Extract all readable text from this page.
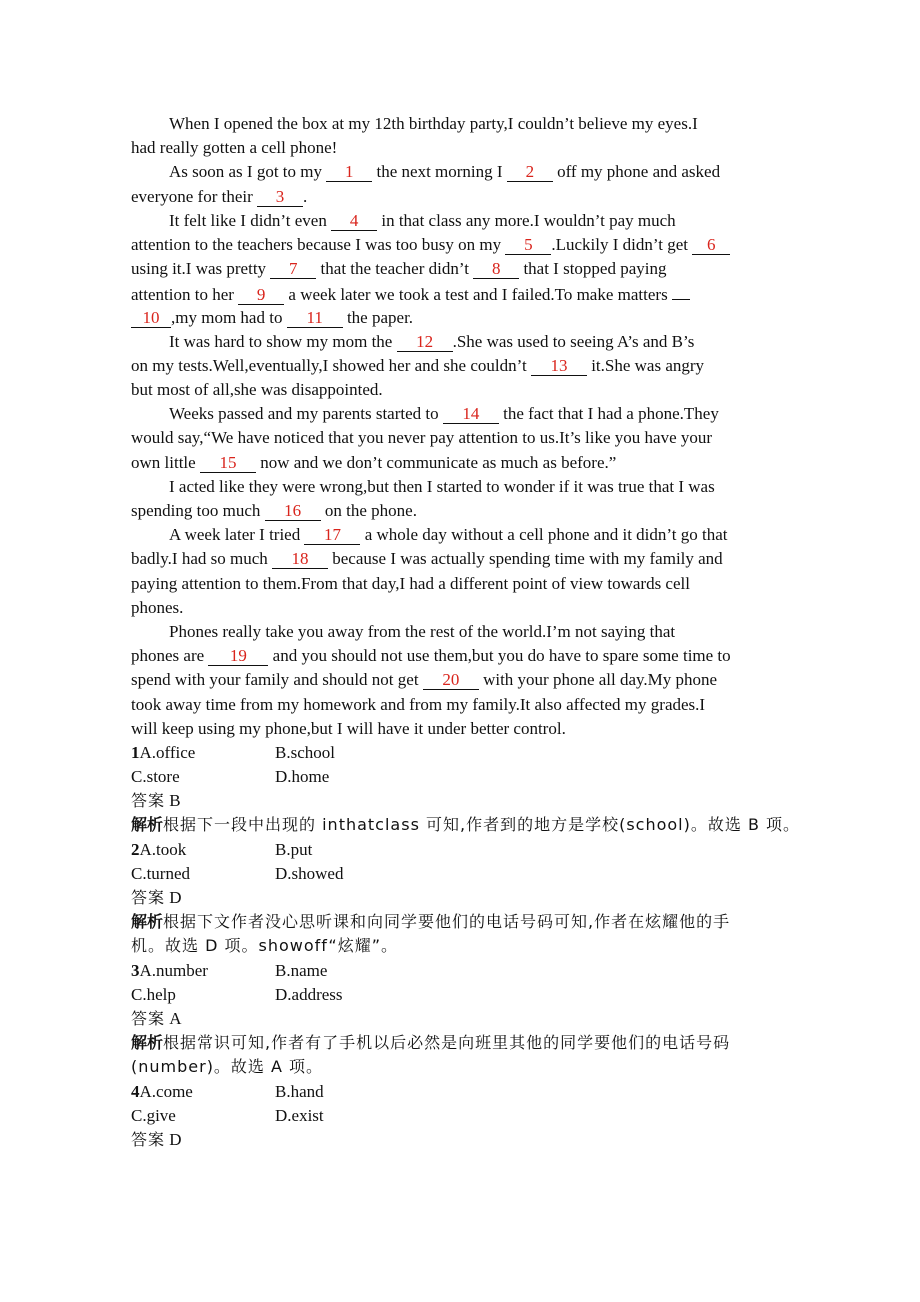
When I opened the box at my 12th birthday party,I couldn’t believe my eyes.I
had really gotten a cell phone!
As soon as I got to my 1 the next morning I 2 off my phone and asked
everyone for their 3 .
It felt like I didn’t even 4 in that class any more.I wouldn’t pay much
attention to the teachers because I was too busy on my 5 .Luckily I didn’t get 6
using it.I was pretty 7 that the teacher didn’t 8 that I stopped paying
attention to her 9 a week later we took a test and I failed.To make matters
10 ,my mom had to 11 the paper.
It was hard to show my mom the 12 .She was used to seeing A’s and B’s
on my tests.Well,eventually,I showed her and she couldn’t 13 it.She was angry
but most of all,she was disappointed.
Weeks passed and my parents started to 14 the fact that I had a phone.They
would say,“We have noticed that you never pay attention to us.It’s like you have your
own little 15 now and we don’t communicate as much as before.”
I acted like they were wrong,but then I started to wonder if it was true that I was
spending too much 16 on the phone.
A week later I tried 17 a whole day without a cell phone and it didn’t go that
badly.I had so much 18 because I was actually spending time with my family and
paying attention to them.From that day,I had a different point of view towards cell
phones.
Phones really take you away from the rest of the world.I’m not saying that
phones are 19 and you should not use them,but you do have to spare some time to
spend with your family and should not get 20 with your phone all day.My phone
took away time from my homework and from my family.It also affected my grades.I
will keep using my phone,but I will have it under better control.
1A.office	B.school
C.store	D.home
答案 B
解析根据下一段中出现的 inthatclass 可知,作者到的地方是学校(school)。故选 B 项。
2A.took	B.put
C.turned	D.showed
答案 D
解析根据下文作者没心思听课和向同学要他们的电话号码可知,作者在炫耀他的手
机。故选 D 项。showoff“炫耀”。
3A.number	B.name
C.help	D.address
答案 A
解析根据常识可知,作者有了手机以后必然是向班里其他的同学要他们的电话号码
(number)。故选 A 项。
4A.come	B.hand
C.give	D.exist
答案 D
